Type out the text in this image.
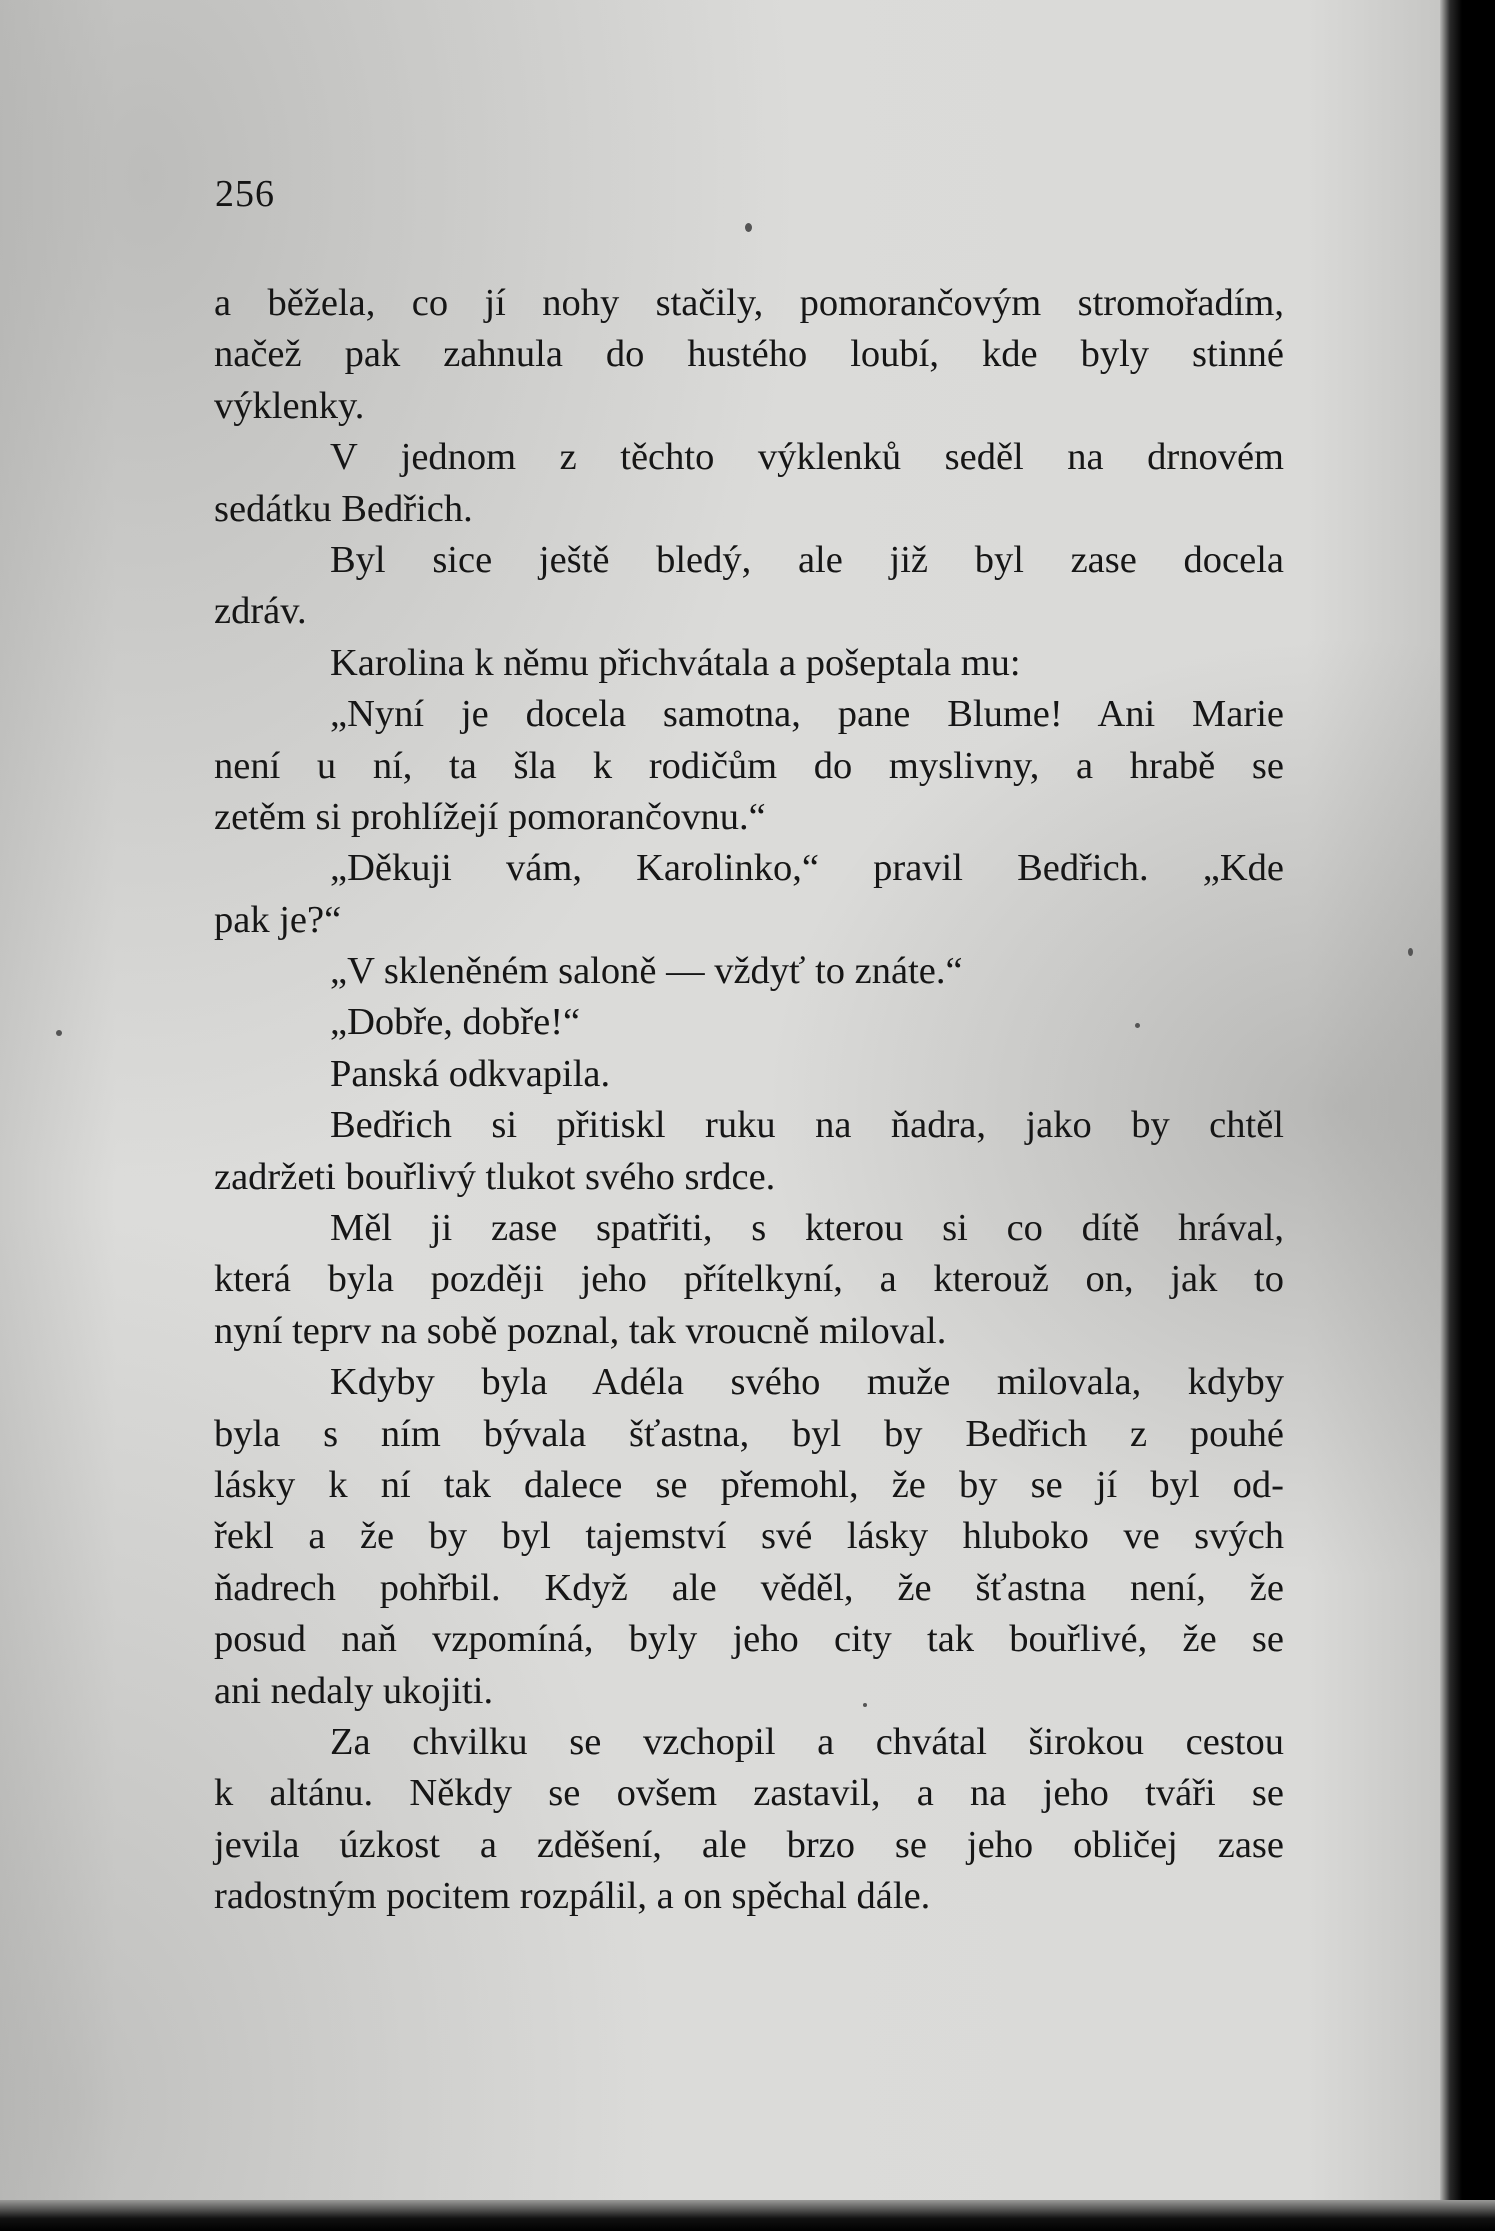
256
a běžela, co jí nohy stačily, pomorančovým stromořadím,
načež pak zahnula do hustého loubí, kde byly stinné
výklenky.
V jednom z těchto výklenků seděl na drnovém
sedátku Bedřich.
Byl sice ještě bledý, ale již byl zase docela
zdráv.
Karolina k němu přichvátala a pošeptala mu:
„Nyní je docela samotna, pane Blume! Ani Marie
není u ní, ta šla k rodičům do myslivny, a hrabě se
zetěm si prohlížejí pomorančovnu.“
„Děkuji vám, Karolinko,“ pravil Bedřich. „Kde
pak je?“
„V skleněném saloně — vždyť to znáte.“
„Dobře, dobře!“
Panská odkvapila.
Bedřich si přitiskl ruku na ňadra, jako by chtěl
zadržeti bouřlivý tlukot svého srdce.
Měl ji zase spatřiti, s kterou si co dítě hrával,
která byla později jeho přítelkyní, a kterouž on, jak to
nyní teprv na sobě poznal, tak vroucně miloval.
Kdyby byla Adéla svého muže milovala, kdyby
byla s ním bývala šťastna, byl by Bedřich z pouhé
lásky k ní tak dalece se přemohl, že by se jí byl od-
řekl a že by byl tajemství své lásky hluboko ve svých
ňadrech pohřbil. Když ale věděl, že šťastna není, že
posud naň vzpomíná, byly jeho city tak bouřlivé, že se
ani nedaly ukojiti.
Za chvilku se vzchopil a chvátal širokou cestou
k altánu. Někdy se ovšem zastavil, a na jeho tváři se
jevila úzkost a zděšení, ale brzo se jeho obličej zase
radostným pocitem rozpálil, a on spěchal dále.
